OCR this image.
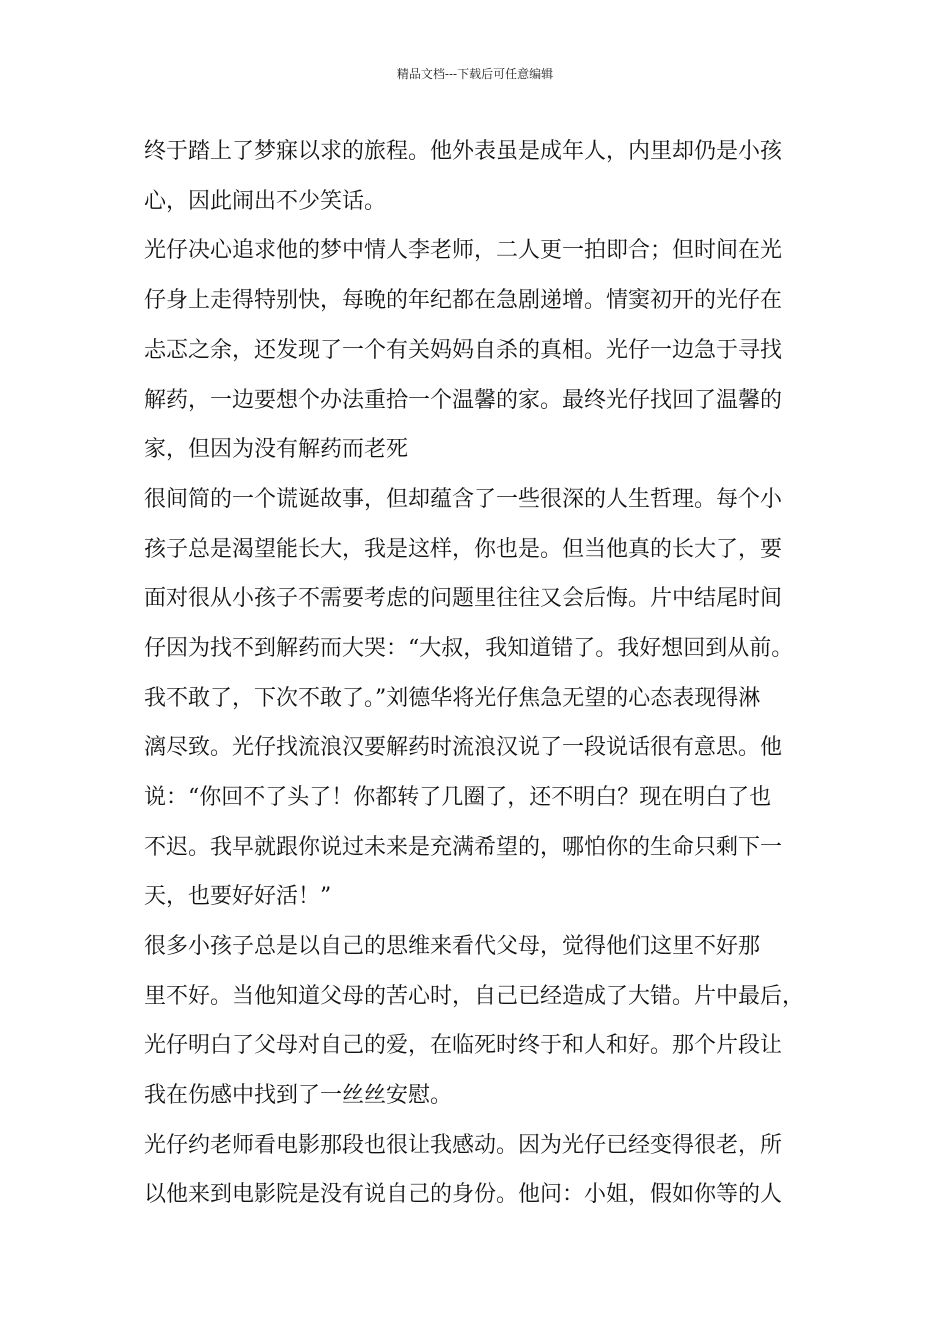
精品文档---下载后可任意编辑
终于踏上了梦寐以求的旅程。他外表虽是成年人，内里却仍是小孩
心，因此闹出不少笑话。
光仔决心追求他的梦中情人李老师，二人更一拍即合；但时间在光
仔身上走得特别快，每晚的年纪都在急剧递增。情窦初开的光仔在
忐忑之余，还发现了一个有关妈妈自杀的真相。光仔一边急于寻找
解药，一边要想个办法重拾一个温馨的家。最终光仔找回了温馨的
家，但因为没有解药而老死
很间简的一个谎诞故事，但却蕴含了一些很深的人生哲理。每个小
孩子总是渴望能长大，我是这样，你也是。但当他真的长大了，要
面对很从小孩子不需要考虑的问题里往往又会后悔。片中结尾时间
仔因为找不到解药而大哭：“大叔，我知道错了。我好想回到从前。
我不敢了，下次不敢了。”刘德华将光仔焦急无望的心态表现得淋
漓尽致。光仔找流浪汉要解药时流浪汉说了一段说话很有意思。他
说：“你回不了头了！你都转了几圈了，还不明白？现在明白了也
不迟。我早就跟你说过未来是充满希望的，哪怕你的生命只剩下一
天，也要好好活！”
很多小孩子总是以自己的思维来看代父母，觉得他们这里不好那
里不好。当他知道父母的苦心时，自己已经造成了大错。片中最后，
光仔明白了父母对自己的爱，在临死时终于和人和好。那个片段让
我在伤感中找到了一丝丝安慰。
光仔约老师看电影那段也很让我感动。因为光仔已经变得很老，所
以他来到电影院是没有说自己的身份。他问：小姐，假如你等的人
